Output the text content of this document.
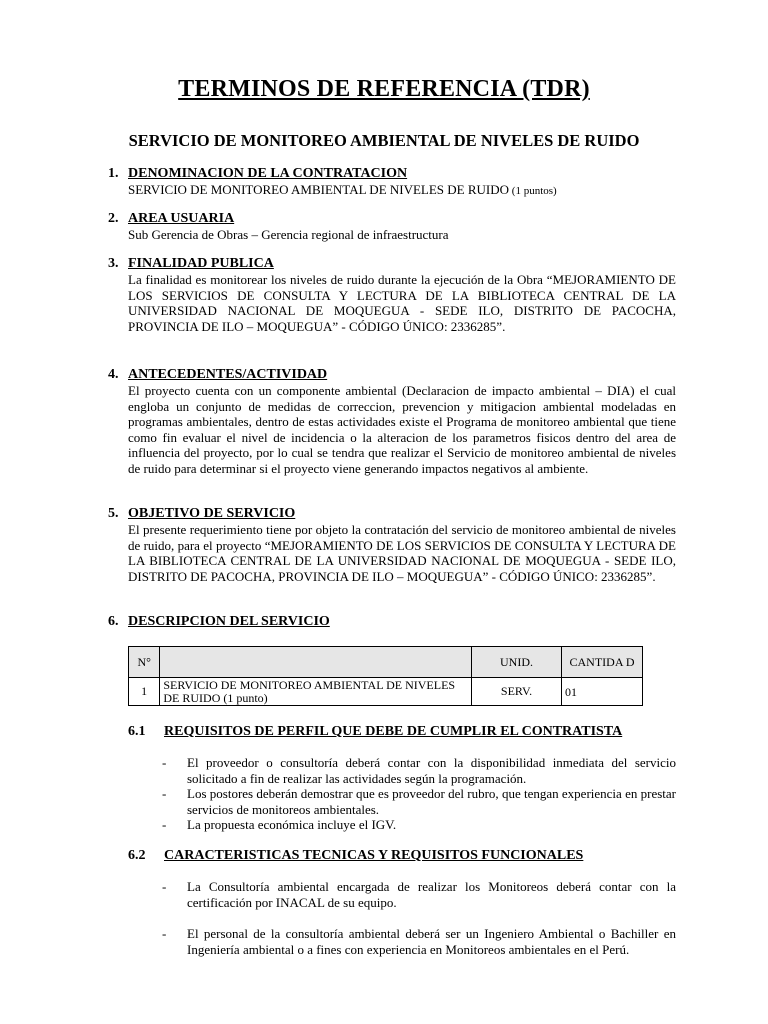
TERMINOS DE REFERENCIA (TDR)
SERVICIO DE MONITOREO AMBIENTAL DE NIVELES DE RUIDO
1. DENOMINACION DE LA CONTRATACION
SERVICIO DE MONITOREO AMBIENTAL DE NIVELES DE RUIDO (1 puntos)
2. AREA USUARIA
Sub Gerencia de Obras – Gerencia regional de infraestructura
3. FINALIDAD PUBLICA
La finalidad es monitorear los niveles de ruido durante la ejecución de la Obra “MEJORAMIENTO DE LOS SERVICIOS DE CONSULTA Y LECTURA DE LA BIBLIOTECA CENTRAL DE LA UNIVERSIDAD NACIONAL DE MOQUEGUA - SEDE ILO, DISTRITO DE PACOCHA, PROVINCIA DE ILO – MOQUEGUA” - CÓDIGO ÚNICO: 2336285”.
4. ANTECEDENTES/ACTIVIDAD
El proyecto cuenta con un componente ambiental (Declaracion de impacto ambiental – DIA) el cual engloba un conjunto de medidas de correccion, prevencion y mitigacion ambiental modeladas en programas ambientales, dentro de estas actividades existe el Programa de monitoreo ambiental que tiene como fin evaluar el nivel de incidencia o la alteracion de los parametros fisicos dentro del area de influencia del proyecto, por lo cual se tendra que realizar el Servicio de monitoreo ambiental de niveles de ruido para determinar si el proyecto viene generando impactos negativos al ambiente.
5. OBJETIVO DE SERVICIO
El presente requerimiento tiene por objeto la contratación del servicio de monitoreo ambiental de niveles de ruido, para el proyecto “MEJORAMIENTO DE LOS SERVICIOS DE CONSULTA Y LECTURA DE LA BIBLIOTECA CENTRAL DE LA UNIVERSIDAD NACIONAL DE MOQUEGUA - SEDE ILO, DISTRITO DE PACOCHA, PROVINCIA DE ILO – MOQUEGUA” - CÓDIGO ÚNICO: 2336285”.
6. DESCRIPCION DEL SERVICIO
N°		UNID.	CANTIDA D
1	SERVICIO DE MONITOREO AMBIENTAL DE NIVELES DE RUIDO (1 punto)	SERV.	01
6.1 REQUISITOS DE PERFIL QUE DEBE DE CUMPLIR EL CONTRATISTA
- El proveedor o consultoría deberá contar con la disponibilidad inmediata del servicio solicitado a fin de realizar las actividades según la programación.
- Los postores deberán demostrar que es proveedor del rubro, que tengan experiencia en prestar servicios de monitoreos ambientales.
- La propuesta económica incluye el IGV.
6.2 CARACTERISTICAS TECNICAS Y REQUISITOS FUNCIONALES
- La Consultoría ambiental encargada de realizar los Monitoreos deberá contar con la certificación por INACAL de su equipo.
- El personal de la consultoría ambiental deberá ser un Ingeniero Ambiental o Bachiller en Ingeniería ambiental o a fines con experiencia en Monitoreos ambientales en el Perú.
